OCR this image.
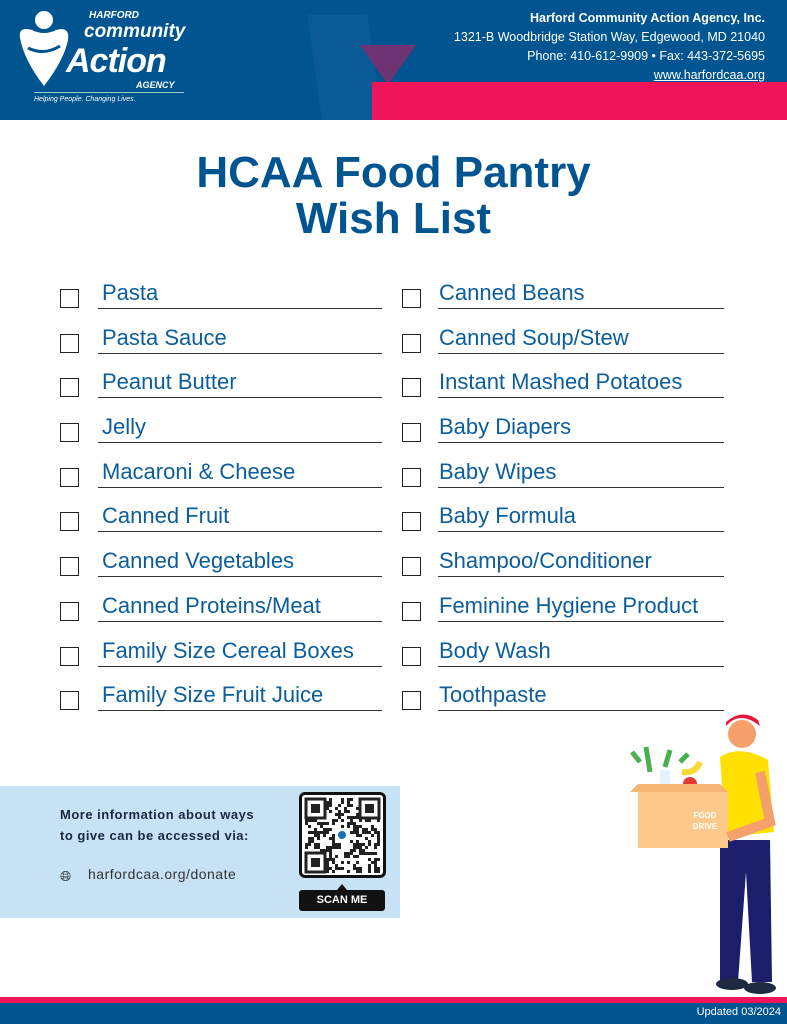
HARFORD
community
Action
AGENCY
Helping People. Changing Lives.
Harford Community Action Agency, Inc.
1321-B Woodbridge Station Way, Edgewood, MD 21040
Phone: 410-612-9909 • Fax: 443-372-5695
www.harfordcaa.org
HCAA Food Pantry
Wish List
Pasta
Pasta Sauce
Peanut Butter
Jelly
Macaroni & Cheese
Canned Fruit
Canned Vegetables
Canned Proteins/Meat
Family Size Cereal Boxes
Family Size Fruit Juice
Canned Beans
Canned Soup/Stew
Instant Mashed Potatoes
Baby Diapers
Baby Wipes
Baby Formula
Shampoo/Conditioner
Feminine Hygiene Product
Body Wash
Toothpaste
More information about ways
to give can be accessed via:
🌐︎ harfordcaa.org/donate
SCAN ME
FOOD
DRIVE
Updated 03/2024
